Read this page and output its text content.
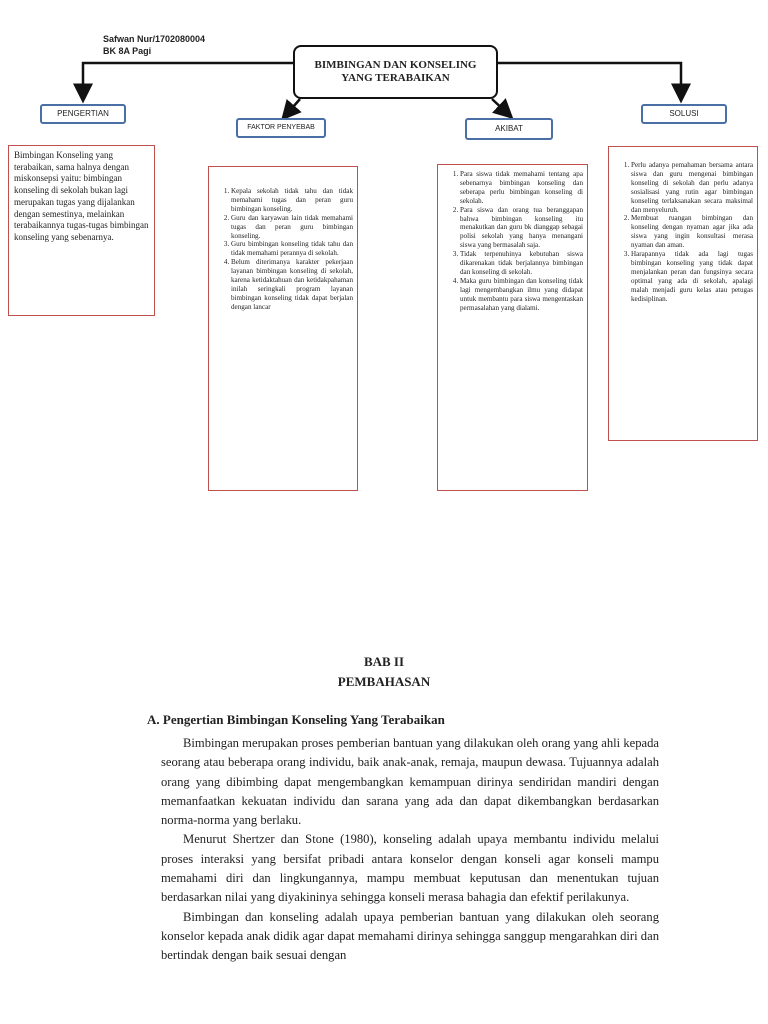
Safwan Nur/1702080004
BK 8A Pagi
BIMBINGAN DAN KONSELING
YANG TERABAIKAN
PENGERTIAN
FAKTOR PENYEBAB	AKIBAT
SOLUSI
Bimbingan Konseling yang terabaikan, sama halnya dengan miskonsepsi yaitu: bimbingan konseling di sekolah bukan lagi merupakan tugas yang dijalankan dengan semestinya, melainkan terabaikannya tugas-tugas bimbingan konseling yang sebenarnya.
1. Kepala sekolah tidak tahu dan tidak memahami tugas dan peran guru bimbingan konseling.
2. Guru dan karyawan lain tidak memahami tugas dan peran guru bimbingan konseling.
3. Guru bimbingan konseling tidak tahu dan tidak memahami perannya di sekolah.
4. Belum diterimanya karakter pekerjaan layanan bimbingan konseling di sekolah, karena ketidaktahuan dan ketidakpahaman inilah seringkali program layanan bimbingan konseling tidak dapat berjalan dengan lancar
1. Para siswa tidak memahami tentang apa sebenarnya bimbingan konseling dan seberapa perlu bimbingan konseling di sekolah.
2. Para siswa dan orang tua beranggapan bahwa bimbingan konseling itu menakutkan dan guru bk dianggap sebagai polisi sekolah yang hanya menangani siswa yang bermasalah saja.
3. Tidak terpenuhinya kebutuhan siswa dikarenakan tidak berjalannya bimbingan dan konseling di sekolah.
4. Maka guru bimbingan dan konseling tidak lagi mengembangkan ilmu yang didapat untuk membantu para siswa mengentaskan permasalahan yang dialami.
1. Perlu adanya pemahaman bersama antara siswa dan guru mengenai bimbingan konseling di sekolah dan perlu adanya sosialisasi yang rutin agar bimbingan konseling terlaksanakan secara maksimal dan menyeluruh.
2. Membuat ruangan bimbingan dan konseling dengan nyaman agar jika ada siswa yang ingin konsultasi merasa nyaman dan aman.
3. Harapannya tidak ada lagi tugas bimbingan konseling yang tidak dapat menjalankan peran dan fungsinya secara optimal yang ada di sekolah, apalagi malah menjadi guru kelas atau petugas kedisiplinan.
BAB II
PEMBAHASAN
A. Pengertian Bimbingan Konseling Yang Terabaikan

Bimbingan merupakan proses pemberian bantuan yang dilakukan oleh orang yang ahli kepada seorang atau beberapa orang individu, baik anak-anak, remaja, maupun dewasa. Tujuannya adalah orang yang dibimbing dapat mengembangkan kemampuan dirinya sendiridan mandiri dengan memanfaatkan kekuatan individu dan sarana yang ada dan dapat dikembangkan berdasarkan norma-norma yang berlaku.

Menurut Shertzer dan Stone (1980), konseling adalah upaya membantu individu melalui proses interaksi yang bersifat pribadi antara konselor dengan konseli agar konseli mampu memahami diri dan lingkungannya, mampu membuat keputusan dan menentukan tujuan berdasarkan nilai yang diyakininya sehingga konseli merasa bahagia dan efektif perilakunya.

Bimbingan dan konseling adalah upaya pemberian bantuan yang dilakukan oleh seorang konselor kepada anak didik agar dapat memahami dirinya sehingga sanggup mengarahkan diri dan bertindak dengan baik sesuai dengan
